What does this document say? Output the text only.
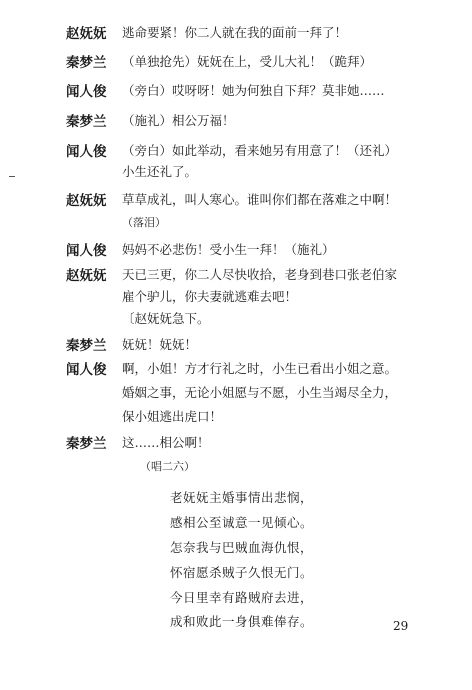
赵妩妩 逃命要紧！你二人就在我的面前一拜了！
秦梦兰 （单独抢先）妩妩在上，受儿大礼！（跪拜）
闻人俊 （旁白）哎呀呀！她为何独自下拜？莫非她……
秦梦兰 （施礼）相公万福！
闻人俊 （旁白）如此举动，看来她另有用意了！（还礼）
小生还礼了。
赵妩妩 草草成礼，叫人寒心。谁叫你们都在落难之中啊！
（落泪）
闻人俊 妈妈不必悲伤！受小生一拜！（施礼）
赵妩妩 天已三更，你二人尽快收拾，老身到巷口张老伯家
雇个驴儿，你夫妻就逃难去吧！
〔赵妩妩急下。
秦梦兰 妩妩！妩妩！
闻人俊 啊，小姐！方才行礼之时，小生已看出小姐之意。
婚姻之事，无论小姐愿与不愿，小生当竭尽全力，
保小姐逃出虎口！
秦梦兰 这……相公啊！
（唱二六）
老妩妩主婚事情出悲悯，
感相公至诚意一见倾心。
怎奈我与巴贼血海仇恨，
怀宿愿杀贼子久恨无门。
今日里幸有路贼府去进，
成和败此一身俱难俸存。	29
